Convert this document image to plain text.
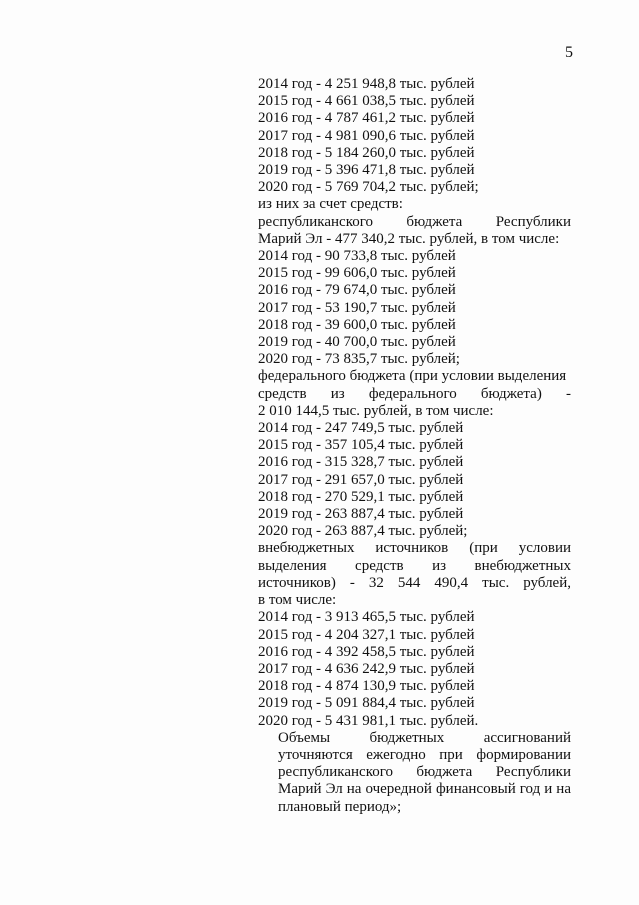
5
2014 год - 4 251 948,8 тыс. рублей
2015 год - 4 661 038,5 тыс. рублей
2016 год - 4 787 461,2 тыс. рублей
2017 год - 4 981 090,6 тыс. рублей
2018 год - 5 184 260,0 тыс. рублей
2019 год - 5 396 471,8 тыс. рублей
2020 год - 5 769 704,2 тыс. рублей;
из них за счет средств:
республиканского бюджета Республики
Марий Эл - 477 340,2 тыс. рублей, в том числе:
2014 год - 90 733,8 тыс. рублей
2015 год - 99 606,0 тыс. рублей
2016 год - 79 674,0 тыс. рублей
2017 год - 53 190,7 тыс. рублей
2018 год - 39 600,0 тыс. рублей
2019 год - 40 700,0 тыс. рублей
2020 год - 73 835,7 тыс. рублей;
федерального бюджета (при условии выделения
средств из федерального бюджета) -
2 010 144,5 тыс. рублей, в том числе:
2014 год - 247 749,5 тыс. рублей
2015 год - 357 105,4 тыс. рублей
2016 год - 315 328,7 тыс. рублей
2017 год - 291 657,0 тыс. рублей
2018 год - 270 529,1 тыс. рублей
2019 год - 263 887,4 тыс. рублей
2020 год - 263 887,4 тыс. рублей;
внебюджетных источников (при условии
выделения средств из внебюджетных
источников) - 32 544 490,4 тыс. рублей,
в том числе:
2014 год - 3 913 465,5 тыс. рублей
2015 год - 4 204 327,1 тыс. рублей
2016 год - 4 392 458,5 тыс. рублей
2017 год - 4 636 242,9 тыс. рублей
2018 год - 4 874 130,9 тыс. рублей
2019 год - 5 091 884,4 тыс. рублей
2020 год - 5 431 981,1 тыс. рублей.
Объемы бюджетных ассигнований уточняются ежегодно при формировании республиканского бюджета Республики Марий Эл на очередной финансовый год и на плановый период»;
